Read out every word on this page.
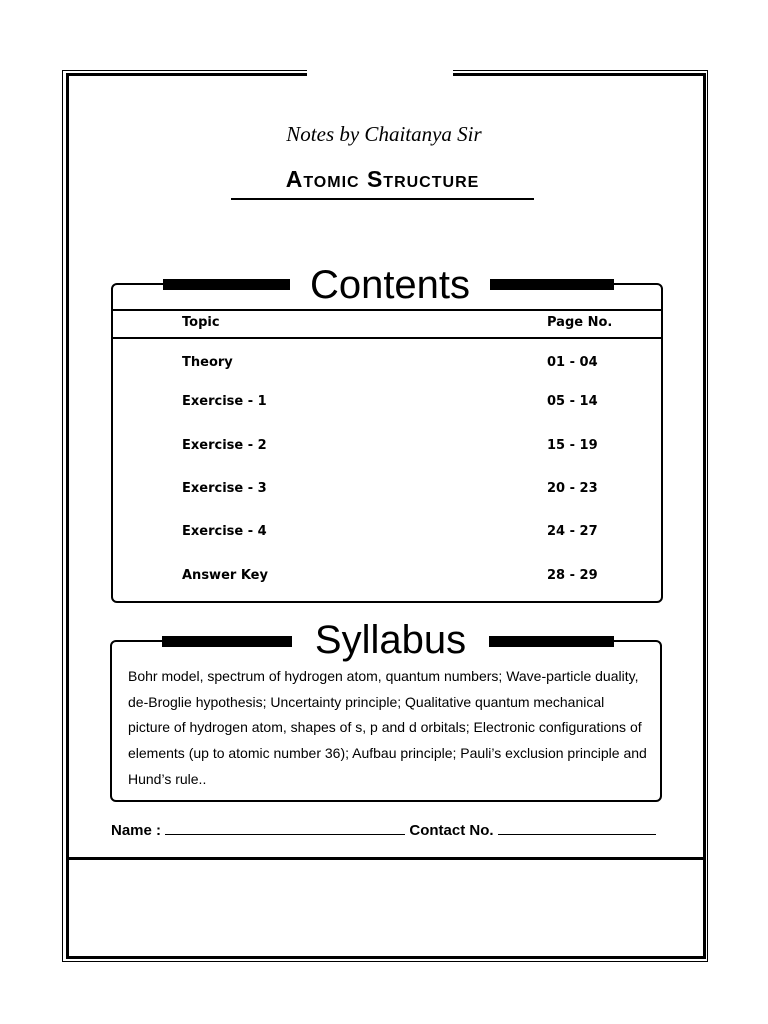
Notes by Chaitanya Sir
Atomic Structure
Contents
Topic	Page No.
Theory	01 - 04
Exercise - 1	05 - 14
Exercise - 2	15 - 19
Exercise - 3	20 - 23
Exercise - 4	24 - 27
Answer Key	28 - 29
Syllabus
Bohr model, spectrum of hydrogen atom, quantum numbers; Wave-particle duality, de-Broglie hypothesis; Uncertainty principle; Qualitative quantum mechanical picture of hydrogen atom, shapes of s, p and d orbitals; Electronic configurations of elements (up to atomic number 36); Aufbau principle; Pauli’s exclusion principle and Hund’s rule..
Name :	Contact No.
